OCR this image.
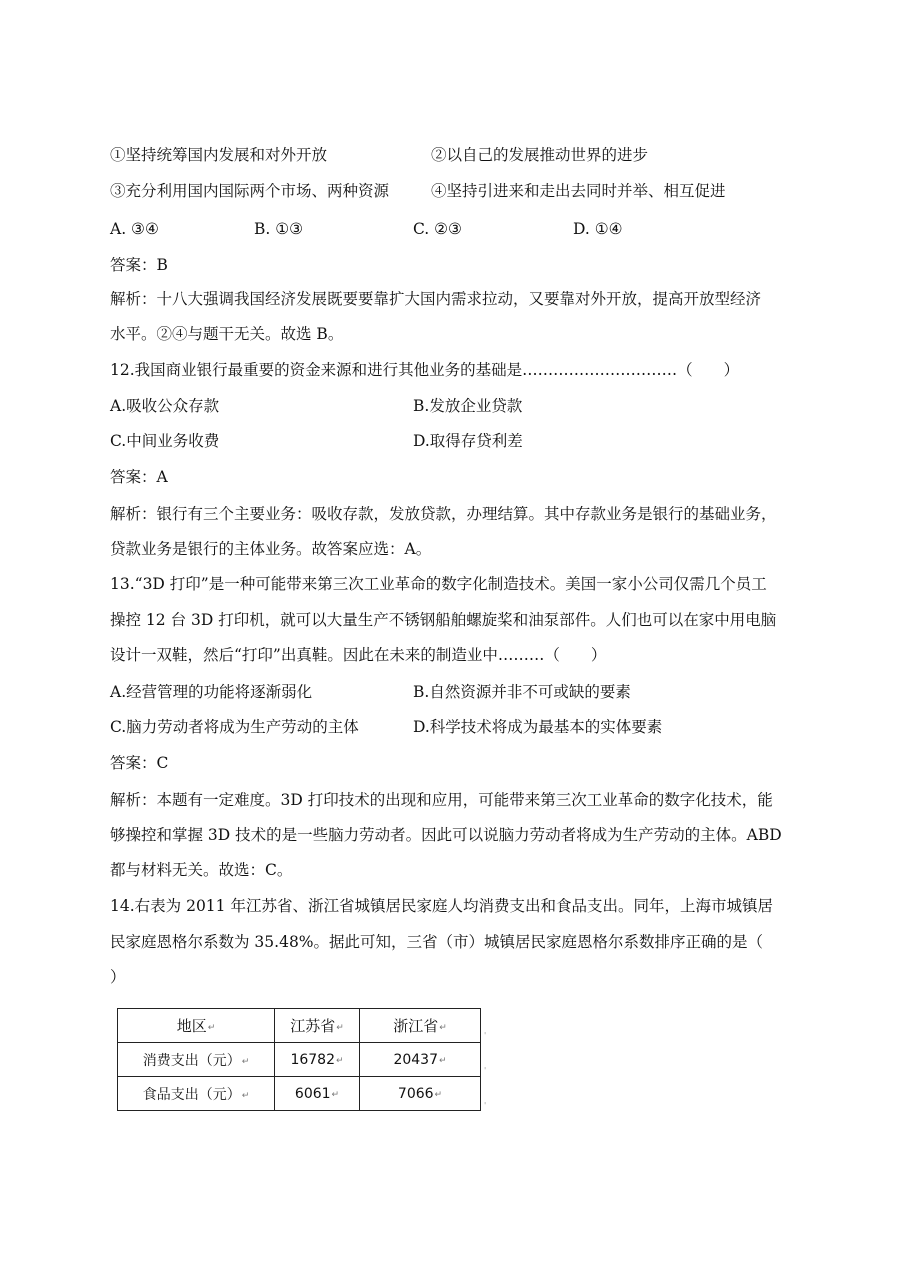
①坚持统筹国内发展和对外开放	②以自己的发展推动世界的进步
③充分利用国内国际两个市场、两种资源	④坚持引进来和走出去同时并举、相互促进
A. ③④	B. ①③	C. ②③	D. ①④
答案：B
解析：十八大强调我国经济发展既要要靠扩大国内需求拉动，又要靠对外开放，提高开放型经济
水平。②④与题干无关。故选 B。
12.我国商业银行最重要的资金来源和进行其他业务的基础是…………………………（　　）
A.吸收公众存款	B.发放企业贷款
C.中间业务收费	D.取得存贷利差
答案：A
解析：银行有三个主要业务：吸收存款，发放贷款，办理结算。其中存款业务是银行的基础业务，
贷款业务是银行的主体业务。故答案应选：A。
13.“3D 打印”是一种可能带来第三次工业革命的数字化制造技术。美国一家小公司仅需几个员工
操控 12 台 3D 打印机，就可以大量生产不锈钢船舶螺旋桨和油泵部件。人们也可以在家中用电脑
设计一双鞋，然后“打印”出真鞋。因此在未来的制造业中………（　　）
A.经营管理的功能将逐渐弱化	B.自然资源并非不可或缺的要素
C.脑力劳动者将成为生产劳动的主体	D.科学技术将成为最基本的实体要素
答案：C
解析：本题有一定难度。3D 打印技术的出现和应用，可能带来第三次工业革命的数字化技术，能
够操控和掌握 3D 技术的是一些脑力劳动者。因此可以说脑力劳动者将成为生产劳动的主体。ABD
都与材料无关。故选：C。
14.右表为 2011 年江苏省、浙江省城镇居民家庭人均消费支出和食品支出。同年，上海市城镇居
民家庭恩格尔系数为 35.48%。据此可知，三省（市）城镇居民家庭恩格尔系数排序正确的是（
）
地区 ↵	江苏省 ↵	浙江省 ↵
消费支出（元） ↵	16782 ↵	20437 ↵
食品支出（元） ↵	6061 ↵	7066 ↵
'
'
'
